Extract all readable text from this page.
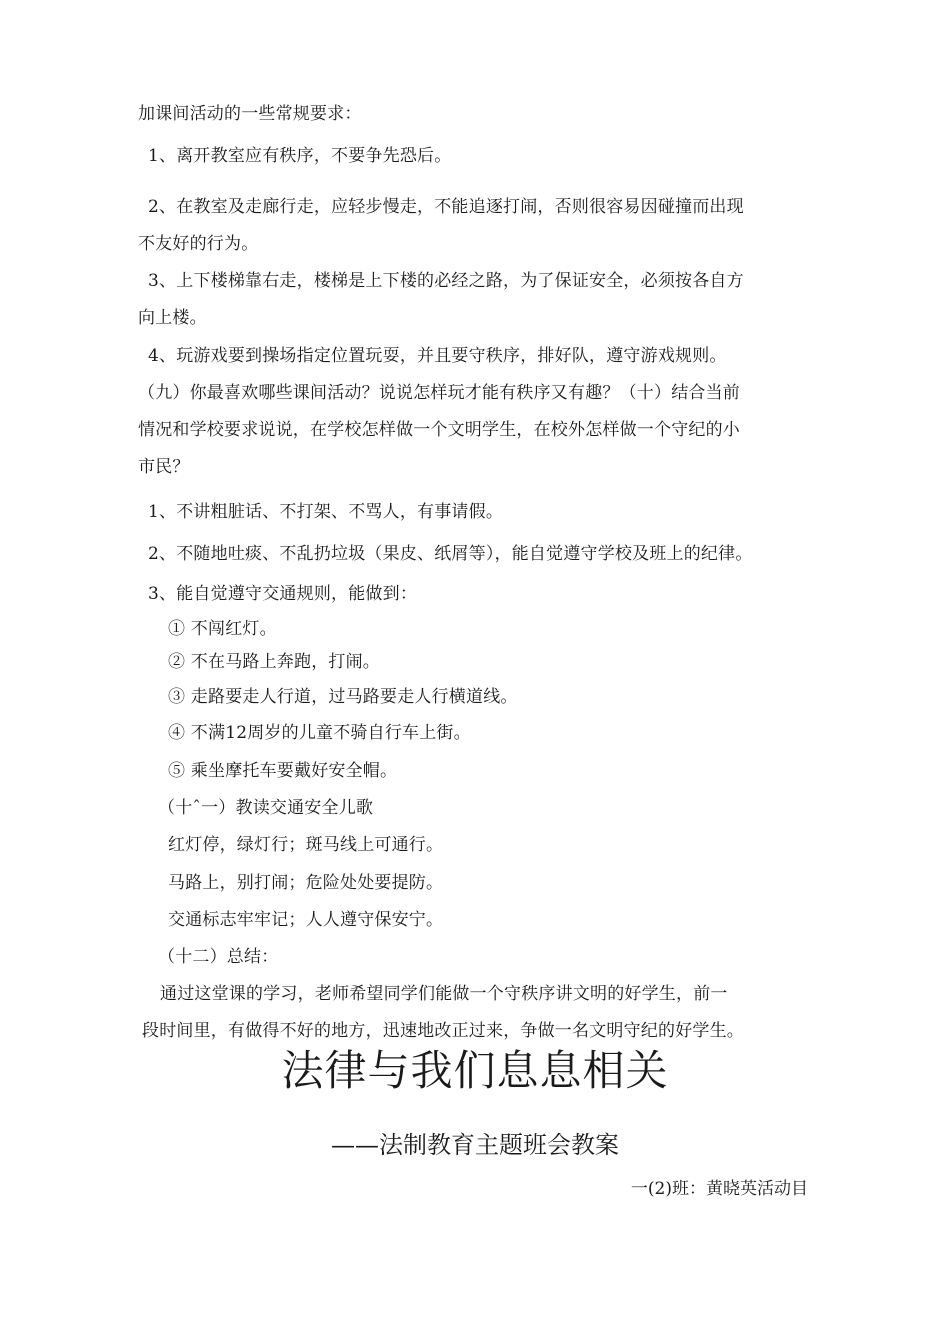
加课间活动的一些常规要求：
1、离开教室应有秩序，不要争先恐后。
2、在教室及走廊行走，应轻步慢走，不能追逐打闹，否则很容易因碰撞而出现
不友好的行为。
3、上下楼梯靠右走，楼梯是上下楼的必经之路，为了保证安全，必须按各自方
向上楼。
4、玩游戏要到操场指定位置玩耍，并且要守秩序，排好队，遵守游戏规则。
（九）你最喜欢哪些课间活动？说说怎样玩才能有秩序又有趣？（十）结合当前
情况和学校要求说说，在学校怎样做一个文明学生，在校外怎样做一个守纪的小
市民？
1、不讲粗脏话、不打架、不骂人，有事请假。
2、不随地吐痰、不乱扔垃圾（果皮、纸屑等），能自觉遵守学校及班上的纪律。
3、能自觉遵守交通规则，能做到：
① 不闯红灯。
② 不在马路上奔跑，打闹。
③ 走路要走人行道，过马路要走人行横道线。
④ 不满12周岁的儿童不骑自行车上街。
⑤ 乘坐摩托车要戴好安全帽。
（十ˆ一）教读交通安全儿歌
红灯停，绿灯行；斑马线上可通行。
马路上，别打闹；危险处处要提防。
交通标志牢牢记；人人遵守保安宁。
（十二）总结：
通过这堂课的学习，老师希望同学们能做一个守秩序讲文明的好学生，前一
段时间里，有做得不好的地方，迅速地改正过来，争做一名文明守纪的好学生。
法律与我们息息相关
——法制教育主题班会教案
一(2)班：黄晓英活动目
